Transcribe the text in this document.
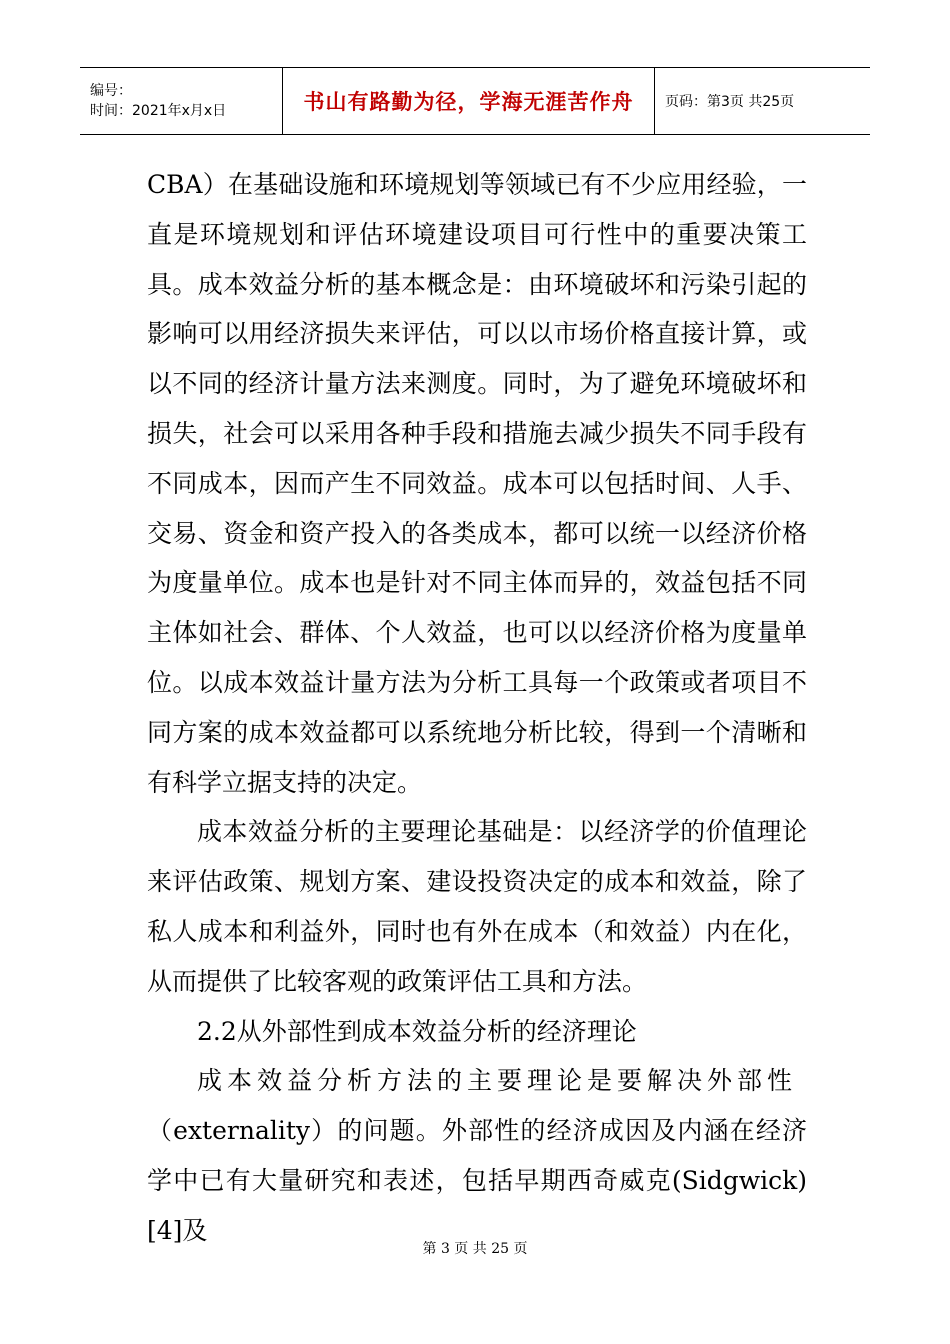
编号：
时间：2021年x月x日	书山有路勤为径，学海无涯苦作舟 页码：第3页 共25页

CBA）在基础设施和环境规划等领域已有不少应用经验，一直是环境规划和评估环境建设项目可行性中的重要决策工具。成本效益分析的基本概念是：由环境破坏和污染引起的影响可以用经济损失来评估，可以以市场价格直接计算，或以不同的经济计量方法来测度。同时，为了避免环境破坏和损失，社会可以采用各种手段和措施去减少损失不同手段有不同成本，因而产生不同效益。成本可以包括时间、人手、交易、资金和资产投入的各类成本，都可以统一以经济价格为度量单位。成本也是针对不同主体而异的，效益包括不同主体如社会、群体、个人效益，也可以以经济价格为度量单位。以成本效益计量方法为分析工具每一个政策或者项目不同方案的成本效益都可以系统地分析比较，得到一个清晰和有科学立据支持的决定。

成本效益分析的主要理论基础是：以经济学的价值理论来评估政策、规划方案、建设投资决定的成本和效益，除了私人成本和利益外，同时也有外在成本（和效益）内在化，从而提供了比较客观的政策评估工具和方法。

2.2从外部性到成本效益分析的经济理论

成本效益分析方法的主要理论是要解决外部性

（externality）的问题。外部性的经济成因及内涵在经济学中已有大量研究和表述，包括早期西奇威克(Sidgwick)[4]及

第 3 页 共 25 页
